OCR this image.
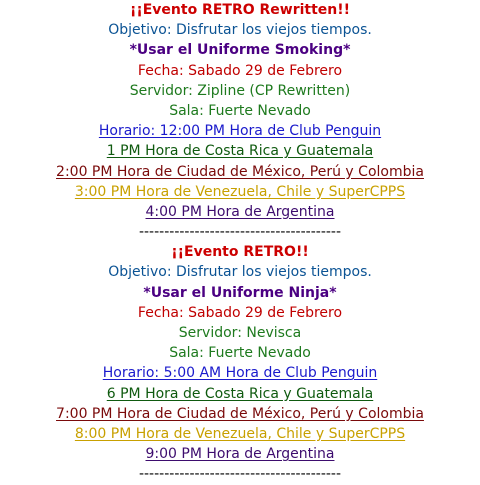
¡¡Evento RETRO Rewritten!!
Objetivo: Disfrutar los viejos tiempos.
*Usar el Uniforme Smoking*
Fecha: Sabado 29 de Febrero
Servidor: Zipline (CP Rewritten)
Sala: Fuerte Nevado
Horario: 12:00 PM Hora de Club Penguin
1 PM Hora de Costa Rica y Guatemala
2:00 PM Hora de Ciudad de México, Perú y Colombia
3:00 PM Hora de Venezuela, Chile y SuperCPPS
4:00 PM Hora de Argentina
----------------------------------------
¡¡Evento RETRO!!
Objetivo: Disfrutar los viejos tiempos.
*Usar el Uniforme Ninja*
Fecha: Sabado 29 de Febrero
Servidor: Nevisca
Sala: Fuerte Nevado
Horario: 5:00 AM Hora de Club Penguin
6 PM Hora de Costa Rica y Guatemala
7:00 PM Hora de Ciudad de México, Perú y Colombia
8:00 PM Hora de Venezuela, Chile y SuperCPPS
9:00 PM Hora de Argentina
----------------------------------------
